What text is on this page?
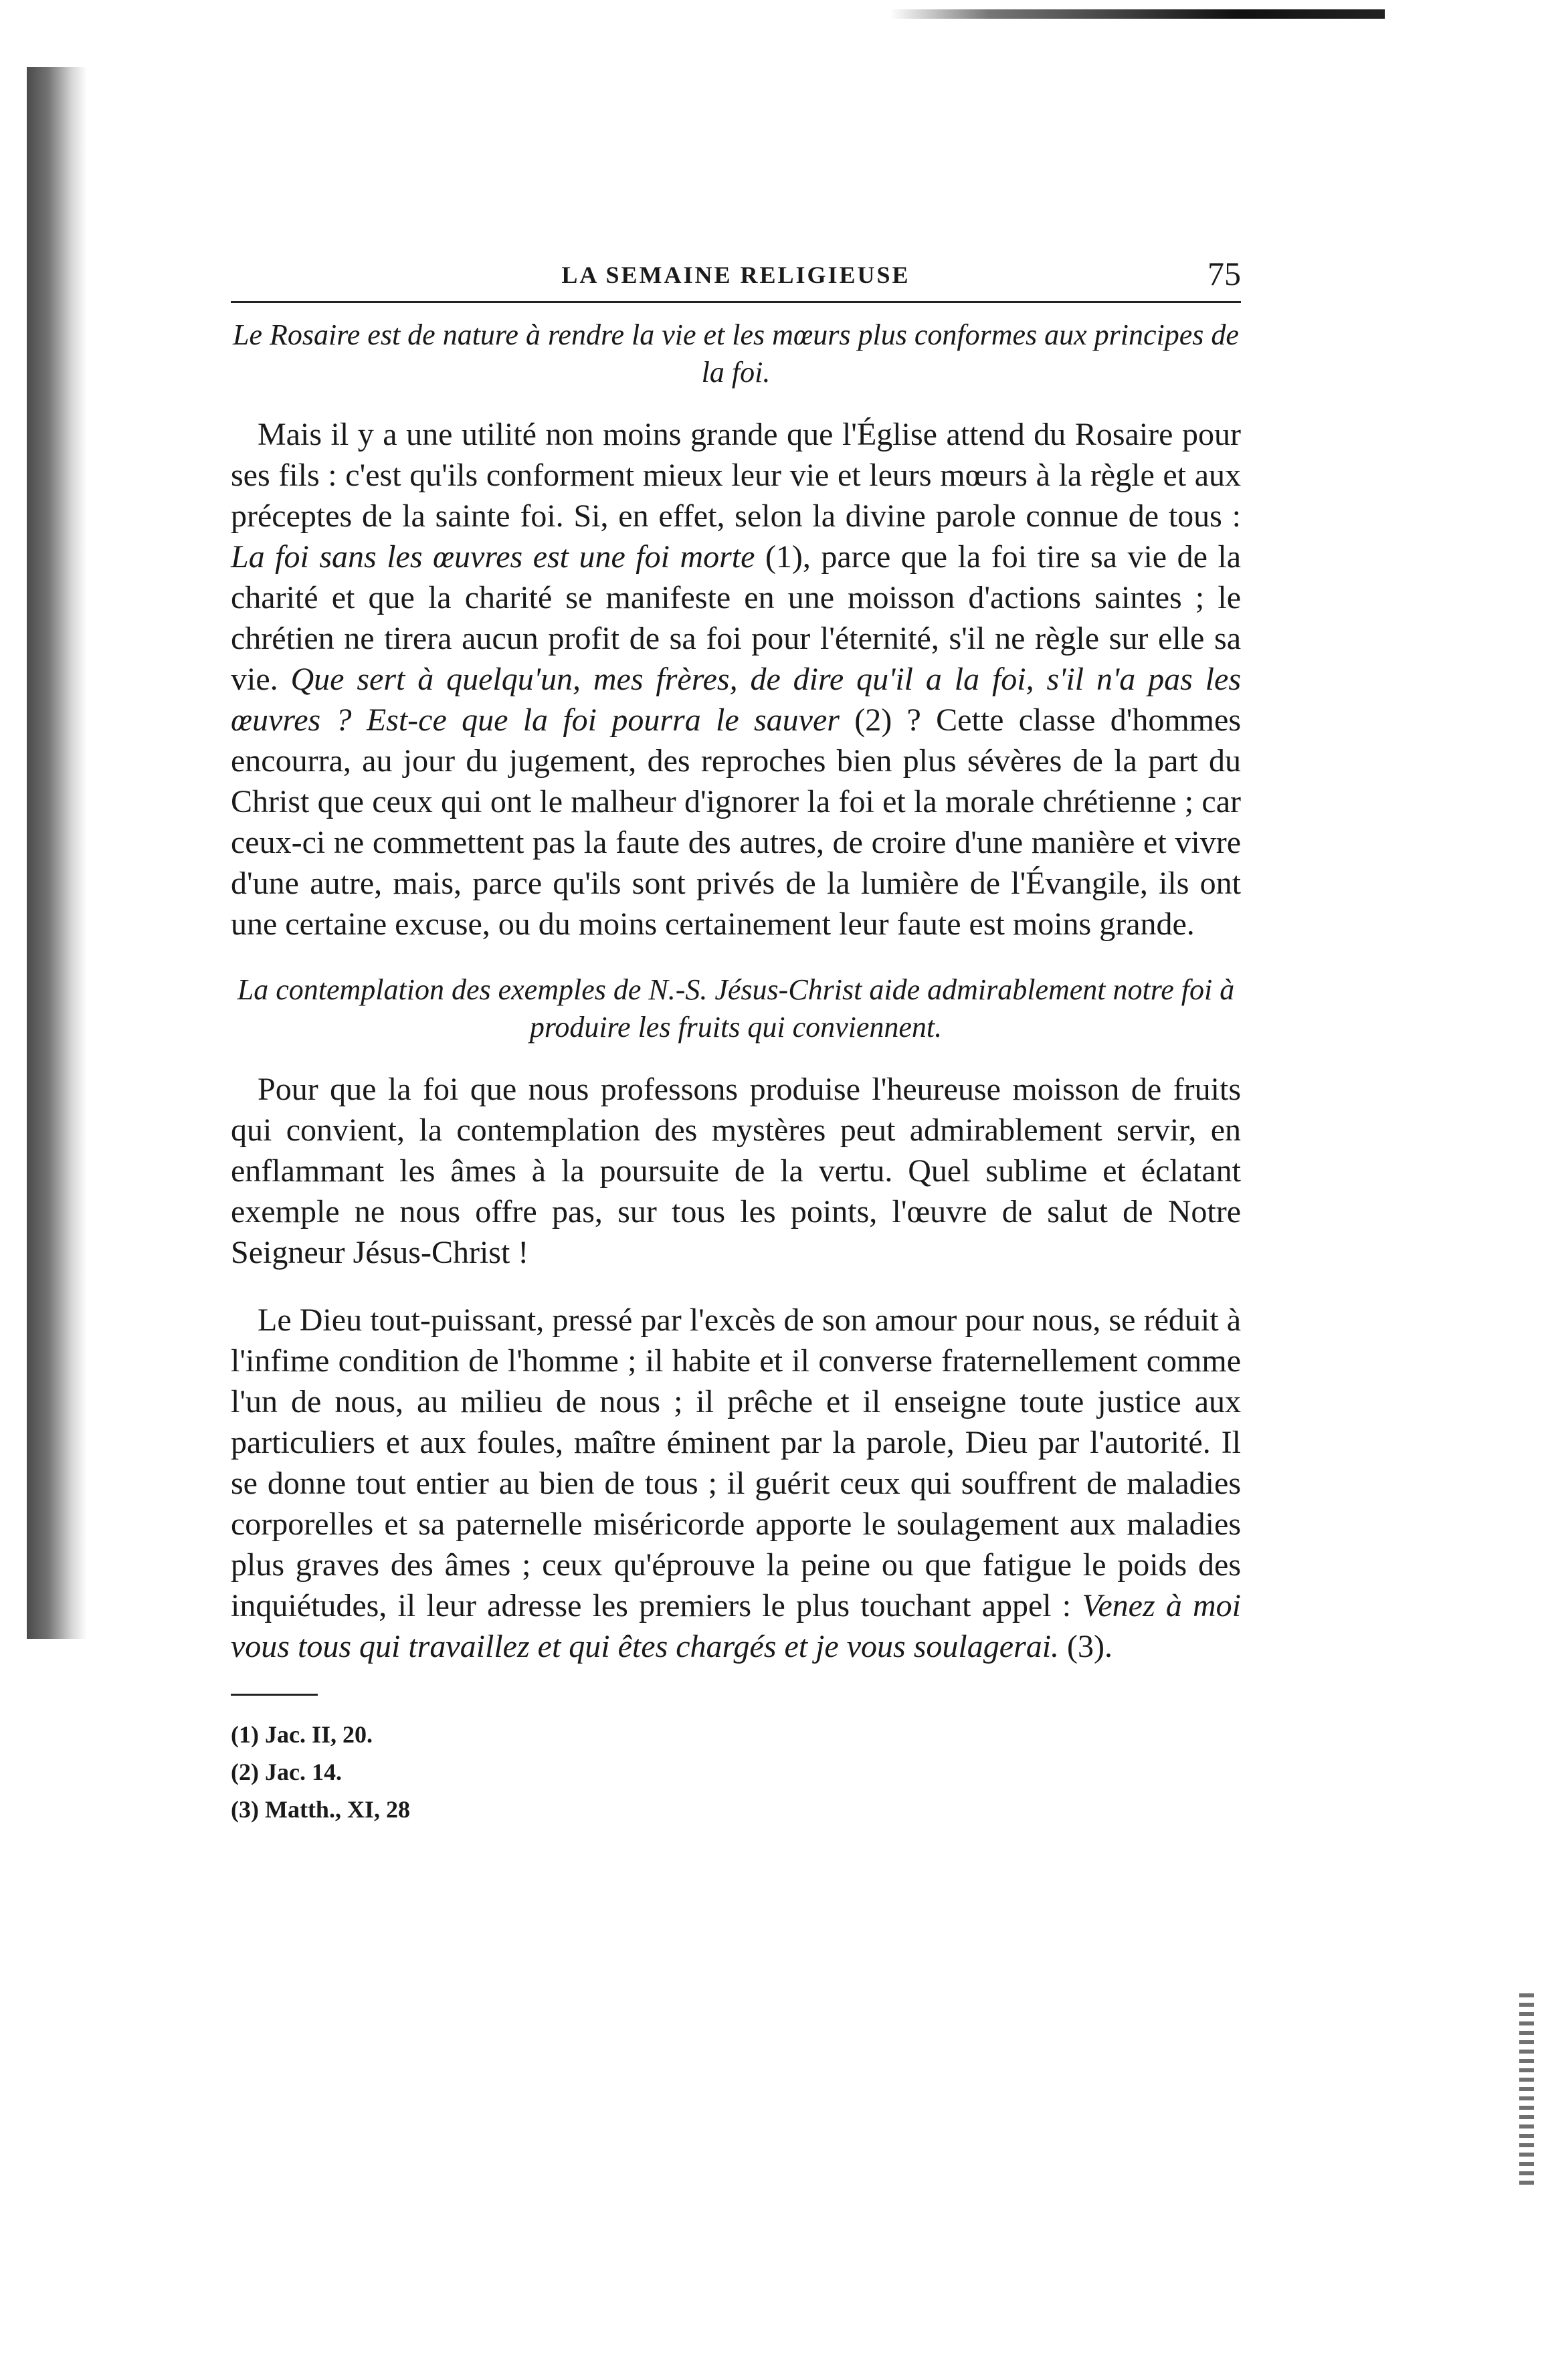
LA SEMAINE RELIGIEUSE	75
Le Rosaire est de nature à rendre la vie et les mœurs plus conformes aux principes de la foi.

Mais il y a une utilité non moins grande que l'Église attend du Rosaire pour ses fils : c'est qu'ils conforment mieux leur vie et leurs mœurs à la règle et aux préceptes de la sainte foi. Si, en effet, selon la divine parole connue de tous : La foi sans les œuvres est une foi morte (1), parce que la foi tire sa vie de la charité et que la charité se manifeste en une moisson d'actions saintes ; le chrétien ne tirera aucun profit de sa foi pour l'éternité, s'il ne règle sur elle sa vie. Que sert à quelqu'un, mes frères, de dire qu'il a la foi, s'il n'a pas les œuvres ? Est-ce que la foi pourra le sauver (2) ? Cette classe d'hommes encourra, au jour du jugement, des reproches bien plus sévères de la part du Christ que ceux qui ont le malheur d'ignorer la foi et la morale chrétienne ; car ceux-ci ne commettent pas la faute des autres, de croire d'une manière et vivre d'une autre, mais, parce qu'ils sont privés de la lumière de l'Évangile, ils ont une certaine excuse, ou du moins certainement leur faute est moins grande.

La contemplation des exemples de N.-S. Jésus-Christ aide admirablement notre foi à produire les fruits qui conviennent.

Pour que la foi que nous professons produise l'heureuse moisson de fruits qui convient, la contemplation des mystères peut admirablement servir, en enflammant les âmes à la poursuite de la vertu. Quel sublime et éclatant exemple ne nous offre pas, sur tous les points, l'œuvre de salut de Notre Seigneur Jésus-Christ !

Le Dieu tout-puissant, pressé par l'excès de son amour pour nous, se réduit à l'infime condition de l'homme ; il habite et il converse fraternellement comme l'un de nous, au milieu de nous ; il prêche et il enseigne toute justice aux particuliers et aux foules, maître éminent par la parole, Dieu par l'autorité. Il se donne tout entier au bien de tous ; il guérit ceux qui souffrent de maladies corporelles et sa paternelle miséricorde apporte le soulagement aux maladies plus graves des âmes ; ceux qu'éprouve la peine ou que fatigue le poids des inquiétudes, il leur adresse les premiers le plus touchant appel : Venez à moi vous tous qui travaillez et qui êtes chargés et je vous soulagerai. (3).

(1) Jac. II, 20.

(2) Jac. 14.

(3) Matth., XI, 28
